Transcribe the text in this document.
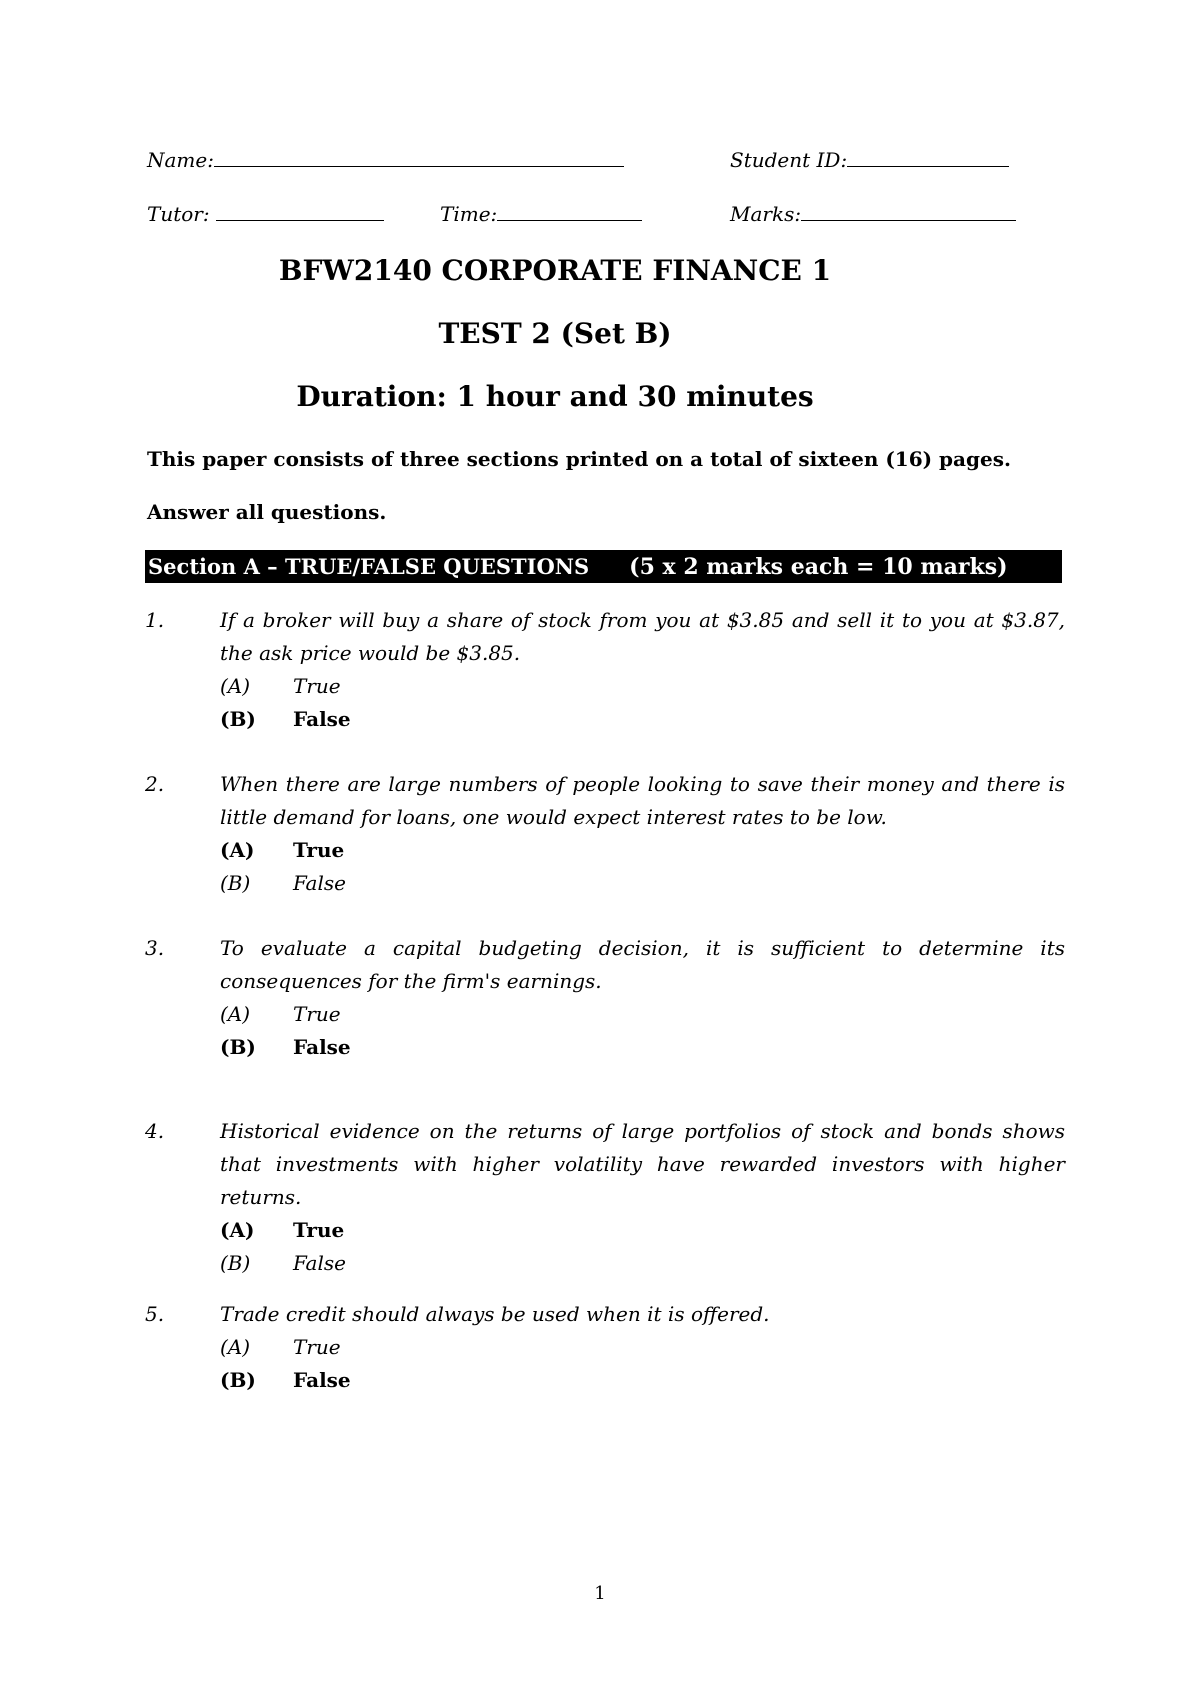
Name:	Student ID:
Tutor:	Time:	Marks:
BFW2140 CORPORATE FINANCE 1
TEST 2 (Set B)
Duration: 1 hour and 30 minutes
This paper consists of three sections printed on a total of sixteen (16) pages.
Answer all questions.
Section A – TRUE/FALSE QUESTIONS (5 x 2 marks each = 10 marks)
1.	If a broker will buy a share of stock from you at $3.85 and sell it to you at $3.87, the ask price would be $3.85.
(A) True
(B) False
2.	When there are large numbers of people looking to save their money and there is little demand for loans, one would expect interest rates to be low.
(A) True
(B) False
3.	To evaluate a capital budgeting decision, it is sufficient to determine its consequences for the firm's earnings.
(A) True
(B) False
4.	Historical evidence on the returns of large portfolios of stock and bonds shows that investments with higher volatility have rewarded investors with higher returns.
(A) True
(B) False
5.	Trade credit should always be used when it is offered.
(A) True
(B) False
1
